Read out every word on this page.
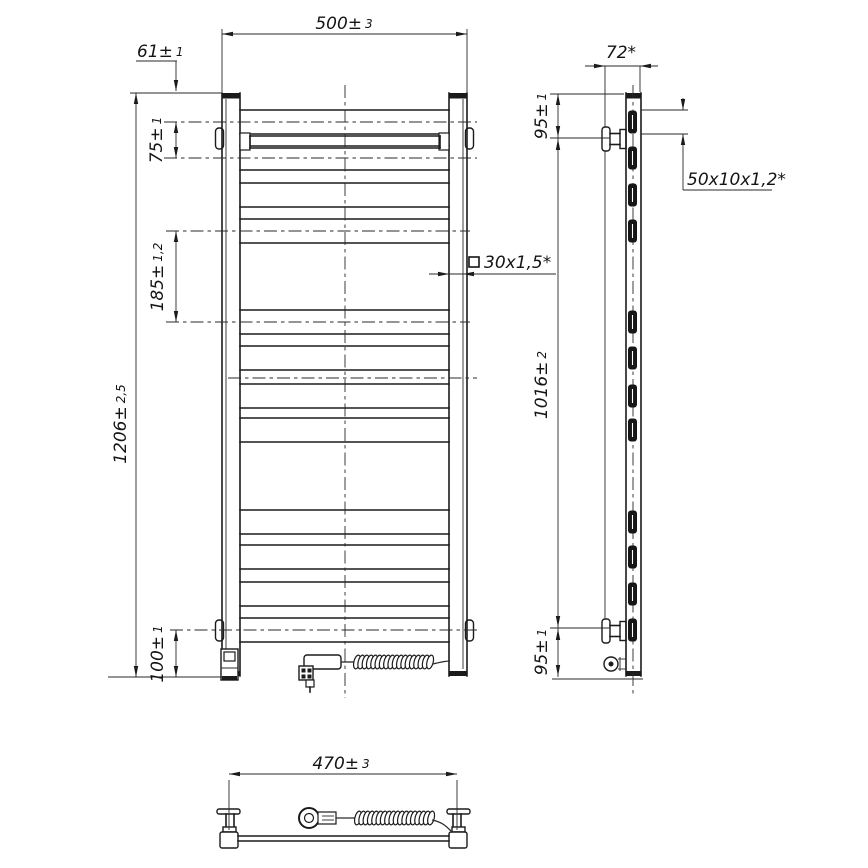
500± 3
61± 1
75±1
1206±2,5
185±1,2
100±1
30x1,5*
72*
95±1
1016±2
95±1
50x10x1,2*
470± 3
